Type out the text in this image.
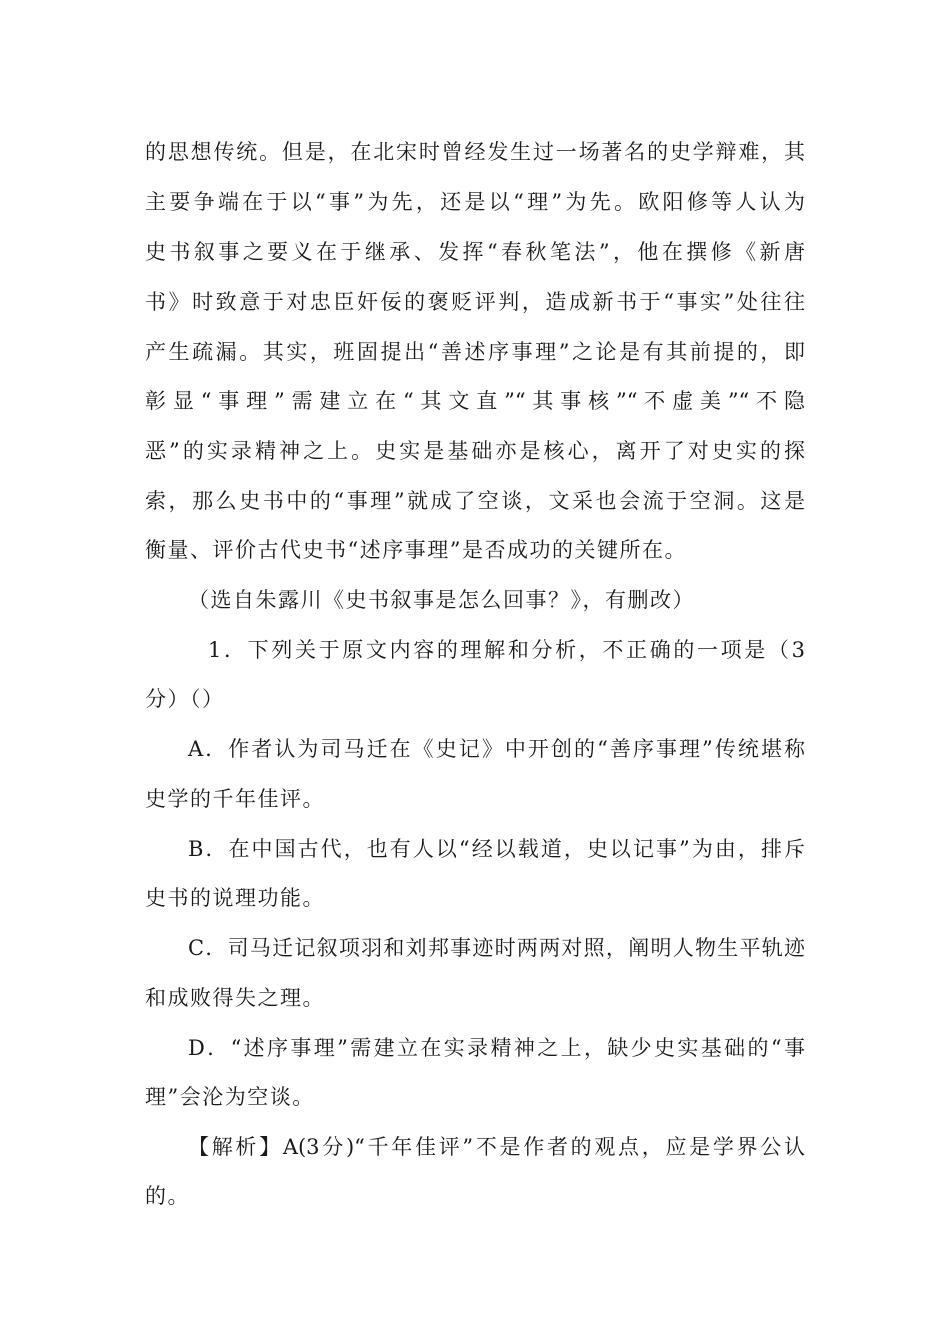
的思想传统。但是，在北宋时曾经发生过一场著名的史学辩难，其
主要争端在于以“事”为先，还是以“理”为先。欧阳修等人认为
史书叙事之要义在于继承、发挥“春秋笔法”，他在撰修《新唐
书》时致意于对忠臣奸佞的褒贬评判，造成新书于“事实”处往往
产生疏漏。其实，班固提出“善述序事理”之论是有其前提的，即
彰显“事理”需建立在“其文直”“其事核”“不虚美”“不隐
恶”的实录精神之上。史实是基础亦是核心，离开了对史实的探
索，那么史书中的“事理”就成了空谈，文采也会流于空洞。这是
衡量、评价古代史书“述序事理”是否成功的关键所在。
（选自朱露川《史书叙事是怎么回事？》，有删改）
1．下列关于原文内容的理解和分析，不正确的一项是（3
分）（）
A．作者认为司马迁在《史记》中开创的“善序事理”传统堪称
史学的千年佳评。
B．在中国古代，也有人以“经以载道，史以记事”为由，排斥
史书的说理功能。
C．司马迁记叙项羽和刘邦事迹时两两对照，阐明人物生平轨迹
和成败得失之理。
D．“述序事理”需建立在实录精神之上，缺少史实基础的“事
理”会沦为空谈。
【解析】A(3分)“千年佳评”不是作者的观点，应是学界公认
的。
